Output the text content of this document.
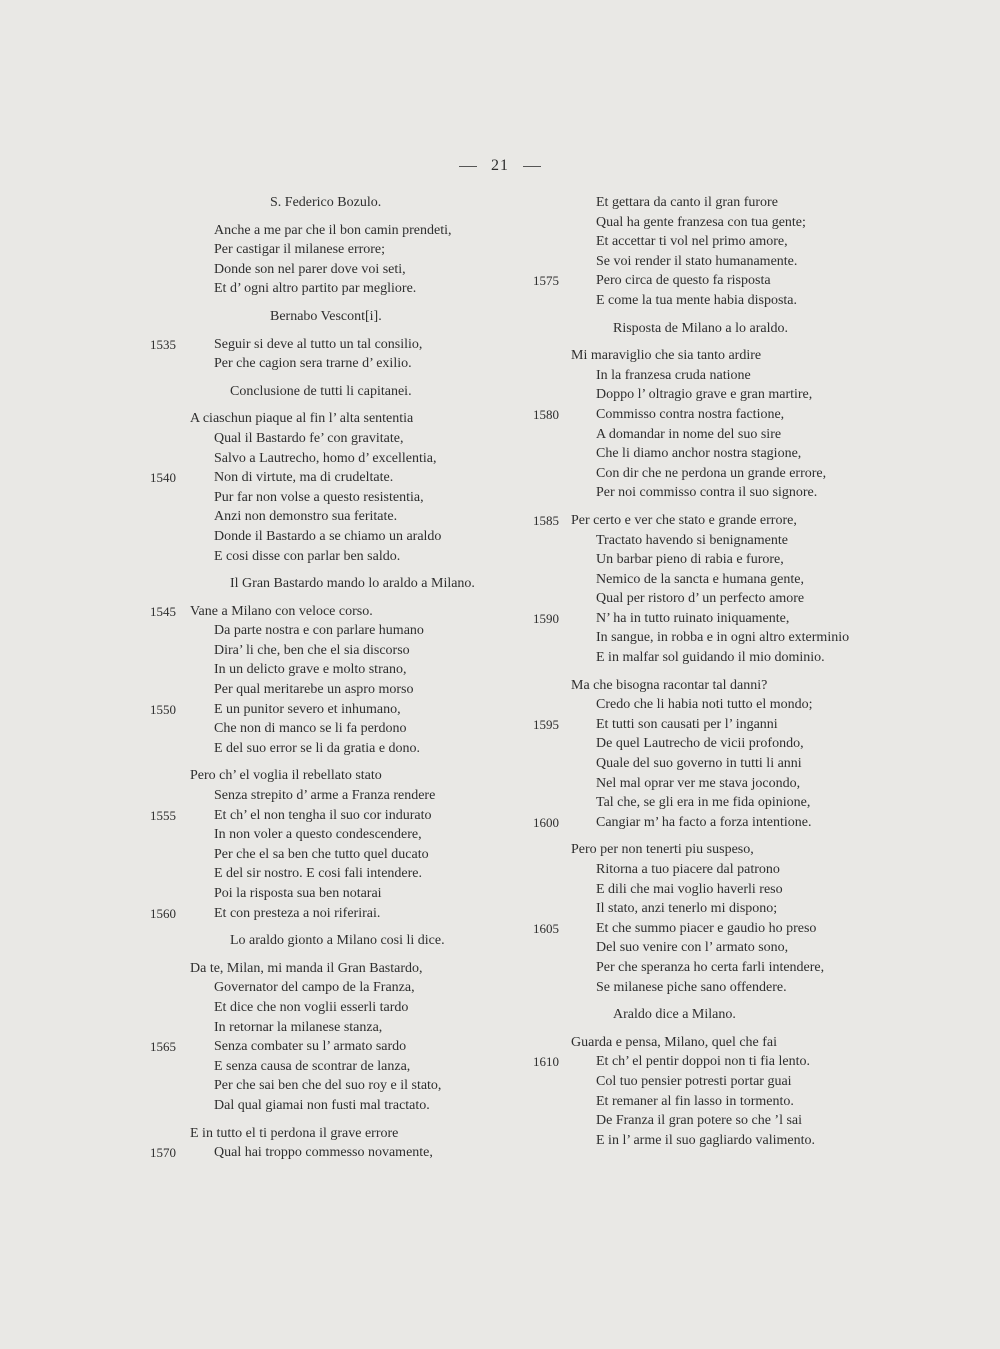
21
S. Federico Bozulo.
Anche a me par che il bon camin prendeti,
Per castigar il milanese errore;
Donde son nel parer dove voi seti,
Et d’ ogni altro partito par megliore.
Bernabo Vescont[i].
1535	Seguir si deve al tutto un tal consilio,
Per che cagion sera trarne d’ exilio.
Conclusione de tutti li capitanei.
A ciaschun piaque al fin l’ alta sententia
Qual il Bastardo fe’ con gravitate,
Salvo a Lautrecho, homo d’ excellentia,
1540	Non di virtute, ma di crudeltate.
Pur far non volse a questo resistentia,
Anzi non demonstro sua feritate.
Donde il Bastardo a se chiamo un araldo
E cosi disse con parlar ben saldo.
Il Gran Bastardo mando lo araldo a Milano.
1545 Vane a Milano con veloce corso.
Da parte nostra e con parlare humano
Dira’ li che, ben che el sia discorso
In un delicto grave e molto strano,
Per qual meritarebe un aspro morso
1550	E un punitor severo et inhumano,
Che non di manco se li fa perdono
E del suo error se li da gratia e dono.
Pero ch’ el voglia il rebellato stato
Senza strepito d’ arme a Franza rendere
1555	Et ch’ el non tengha il suo cor indurato
In non voler a questo condescendere,
Per che el sa ben che tutto quel ducato
E del sir nostro. E cosi fali intendere.
Poi la risposta sua ben notarai
1560	Et con presteza a noi riferirai.
Lo araldo gionto a Milano cosi li dice.
Da te, Milan, mi manda il Gran Bastardo,
Governator del campo de la Franza,
Et dice che non voglii esserli tardo
In retornar la milanese stanza,
1565	Senza combater su l’ armato sardo
E senza causa de scontrar de lanza,
Per che sai ben che del suo roy e il stato,
Dal qual giamai non fusti mal tractato.
E in tutto el ti perdona il grave errore
1570	Qual hai troppo commesso novamente,
Et gettara da canto il gran furore
Qual ha gente franzesa con tua gente;
Et accettar ti vol nel primo amore,
Se voi render il stato humanamente.
1575	Pero circa de questo fa risposta
E come la tua mente habia disposta.
Risposta de Milano a lo araldo.
Mi maraviglio che sia tanto ardire
In la franzesa cruda natione
Doppo l’ oltragio grave e gran martire,
1580	Commisso contra nostra factione,
A domandar in nome del suo sire
Che li diamo anchor nostra stagione,
Con dir che ne perdona un grande errore,
Per noi commisso contra il suo signore.
1585 Per certo e ver che stato e grande errore,
Tractato havendo si benignamente
Un barbar pieno di rabia e furore,
Nemico de la sancta e humana gente,
Qual per ristoro d’ un perfecto amore
1590	N’ ha in tutto ruinato iniquamente,
In sangue, in robba e in ogni altro exterminio
E in malfar sol guidando il mio dominio.
Ma che bisogna racontar tal danni?
Credo che li habia noti tutto el mondo;
1595	Et tutti son causati per l’ inganni
De quel Lautrecho de vicii profondo,
Quale del suo governo in tutti li anni
Nel mal oprar ver me stava jocondo,
Tal che, se gli era in me fida opinione,
1600	Cangiar m’ ha facto a forza intentione.
Pero per non tenerti piu suspeso,
Ritorna a tuo piacere dal patrono
E dili che mai voglio haverli reso
Il stato, anzi tenerlo mi dispono;
1605	Et che summo piacer e gaudio ho preso
Del suo venire con l’ armato sono,
Per che speranza ho certa farli intendere,
Se milanese piche sano offendere.
Araldo dice a Milano.
Guarda e pensa, Milano, quel che fai
1610	Et ch’ el pentir doppoi non ti fia lento.
Col tuo pensier potresti portar guai
Et remaner al fin lasso in tormento.
De Franza il gran potere so che ’l sai
E in l’ arme il suo gagliardo valimento.
